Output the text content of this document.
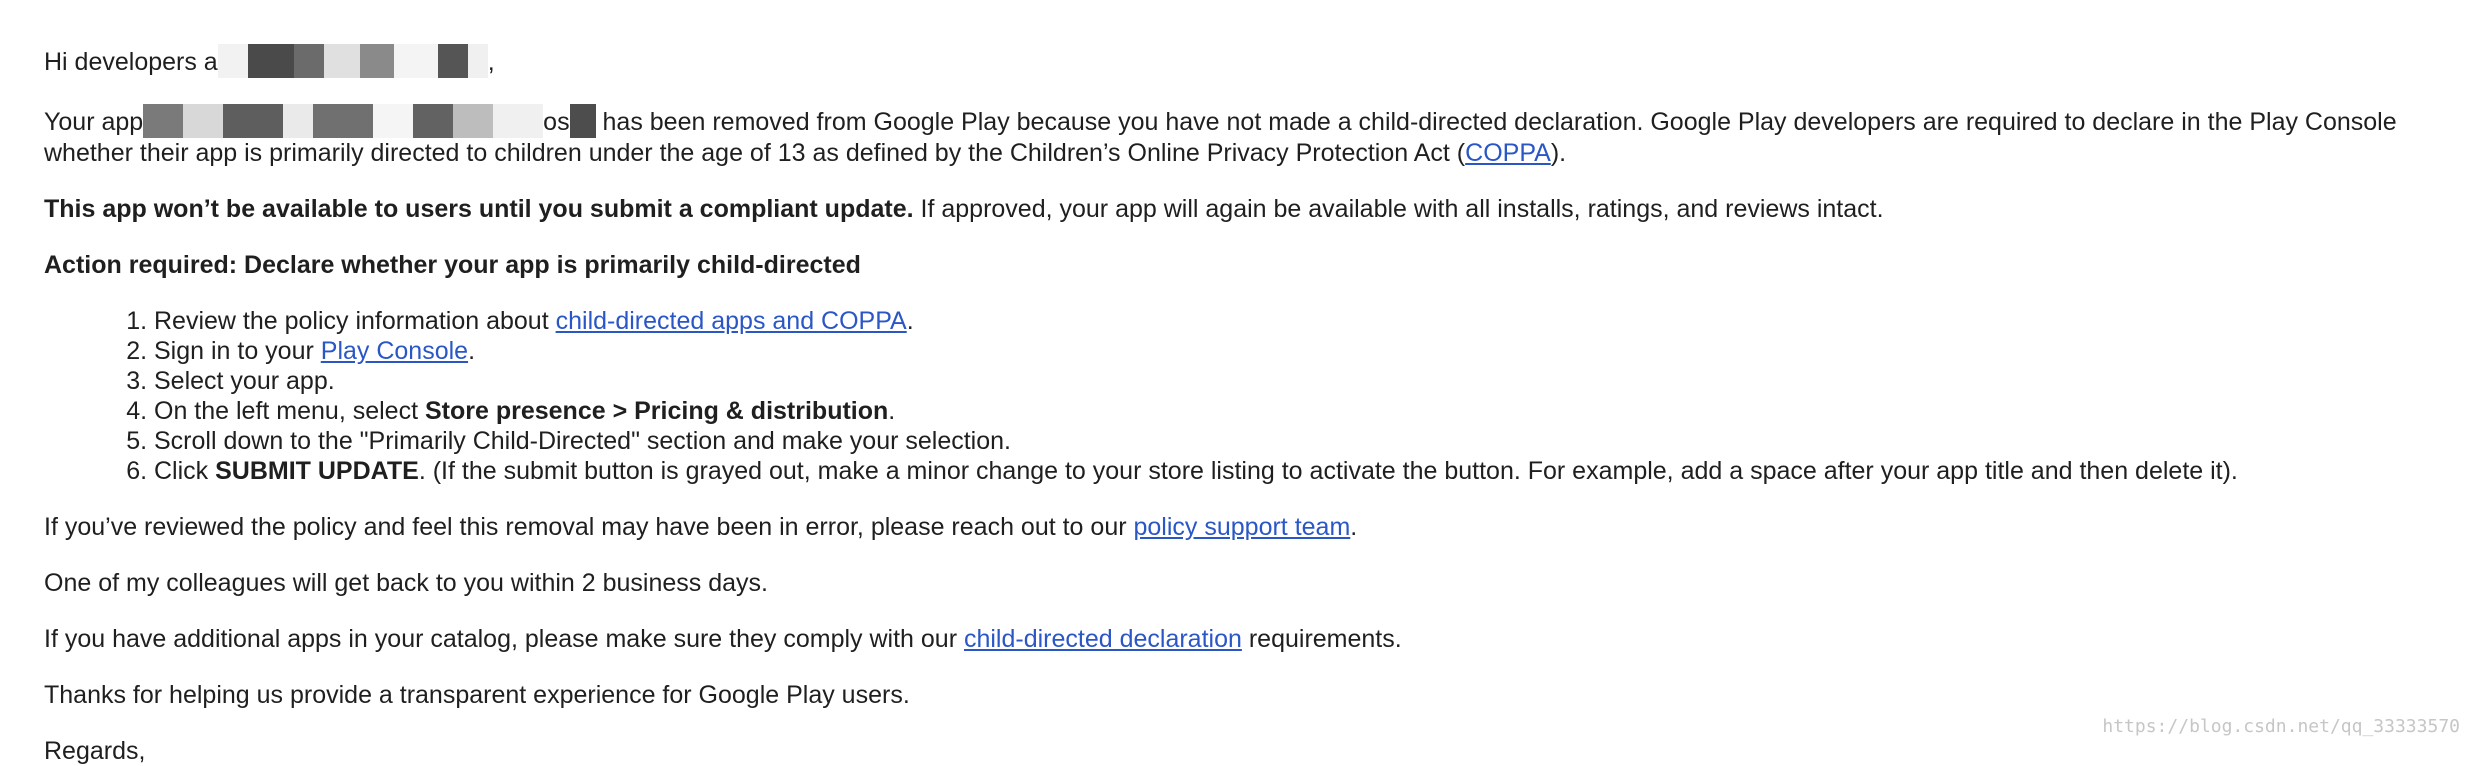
Hi developers a	,

Your app	os
has been removed from Google Play because you have not made a child-directed declaration. Google Play developers are required to declare in the Play Console whether their app is primarily directed to children under the age of 13 as defined by the Children’s Online Privacy Protection Act (COPPA).

This app won’t be available to users until you submit a compliant update. If approved, your app will again be available with all installs, ratings, and reviews intact.

Action required: Declare whether your app is primarily child-directed

1. Review the policy information about child-directed apps and COPPA.
2. Sign in to your Play Console.
3. Select your app.
4. On the left menu, select Store presence > Pricing & distribution.
5. Scroll down to the "Primarily Child-Directed" section and make your selection.
6. Click SUBMIT UPDATE. (If the submit button is grayed out, make a minor change to your store listing to activate the button. For example, add a space after your app title and then delete it).

If you’ve reviewed the policy and feel this removal may have been in error, please reach out to our policy support team.

One of my colleagues will get back to you within 2 business days.

If you have additional apps in your catalog, please make sure they comply with our child-directed declaration requirements.

Thanks for helping us provide a transparent experience for Google Play users.

Regards,

https://blog.csdn.net/qq_33333570
